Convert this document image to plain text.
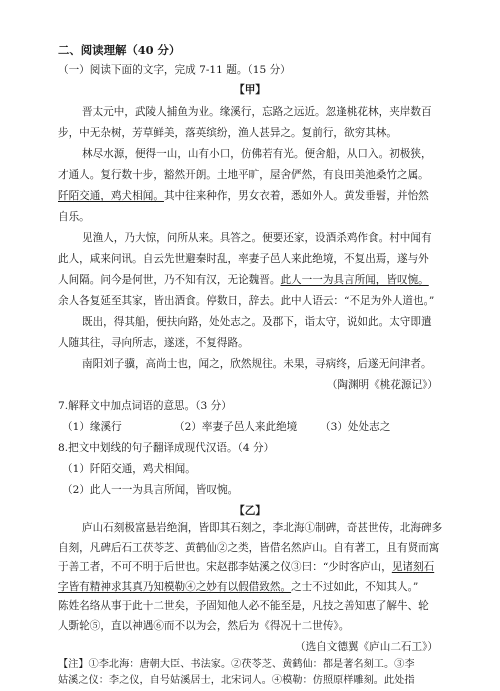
二、阅读理解（40 分）
（一）阅读下面的文字，完成 7-11 题。（15 分）
【甲】
晋太元中，武陵人捕鱼为业。缘溪行，忘路之远近。忽逢桃花林，夹岸数百
步，中无杂树，芳草鲜美，落英缤纷，渔人甚异之。复前行，欲穷其林。
林尽水源，便得一山，山有小口，仿佛若有光。便舍船，从口入。初极狭，
才通人。复行数十步，豁然开朗。土地平旷，屋舍俨然，有良田美池桑竹之属。
阡陌交通，鸡犬相闻。其中往来种作，男女衣着，悉如外人。黄发垂髫，并怡然
自乐。
见渔人，乃大惊，问所从来。具答之。便要还家，设酒杀鸡作食。村中闻有
此人，咸来问讯。自云先世避秦时乱，率妻子邑人来此绝境，不复出焉，遂与外
人间隔。问今是何世，乃不知有汉，无论魏晋。此人一一为具言所闻，皆叹惋。
余人各复延至其家，皆出酒食。停数日，辞去。此中人语云：“不足为外人道也。”
既出，得其船，便扶向路，处处志之。及郡下，诣太守，说如此。太守即遣
人随其往，寻向所志，遂迷，不复得路。
南阳刘子骥，高尚士也，闻之，欣然规往。未果，寻病终，后遂无问津者。
（陶渊明《桃花源记》）
7.解释文中加点词语的意思。（3 分）
（1）缘溪行	（2）率妻子邑人来此绝境 （3）处处志之
8.把文中划线的句子翻译成现代汉语。（4 分）
（1）阡陌交通，鸡犬相闻。
（2）此人一一为具言所闻，皆叹惋。
【乙】
庐山石刻极富悬岩绝涧，皆即其石刻之，李北海①制碑，奇甚世传，北海碑多
自刻，凡碑后石工茯苓芝、黄鹤仙②之类，皆借名然庐山。自有著工，且有贤而寓
于善工者，不可不明于后世也。宋赵郡李姑溪之仪③曰：“少时客庐山，见诸刻石
字皆有精神求其真乃知模勒④之妙有以假借致然。之士不过如此，不知其人。”
陈姓名络从事于此十二世矣，予固知他人必不能至是，凡技之善知恵了解牛、轮
人斲轮⑤，直以神遇⑥而不以为会，然后为《得况十二世传》。
【注】①李北海：唐朝大臣、书法家。②茯苓芝、黄鹤仙：都是著名刻工。③李
姑溪之仪：李之仪，自号姑溪居士，北宋词人。④模勒：仿照原样雕刻。此处指
（选自文德翼《庐山二石工》）
